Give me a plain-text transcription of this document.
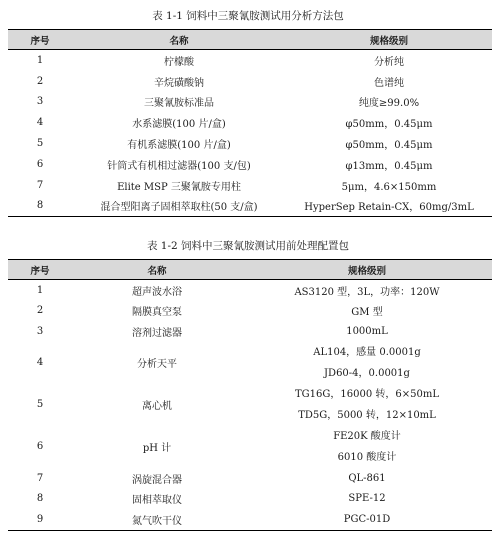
表 1-1 饲料中三聚氰胺测试用分析方法包
序号	名称	规格级别
1	柠檬酸	分析纯
2	辛烷磺酸钠	色谱纯
3	三聚氰胺标准品	纯度≥99.0%
4	水系滤膜(100 片/盒)	φ50mm，0.45μm
5	有机系滤膜(100 片/盒)	φ50mm，0.45μm
6	针筒式有机相过滤器(100 支/包)	φ13mm，0.45μm
7	Elite MSP 三聚氰胺专用柱	5μm，4.6×150mm
8	混合型阳离子固相萃取柱(50 支/盒)	HyperSep Retain-CX，60mg/3mL
表 1-2 饲料中三聚氰胺测试用前处理配置包
序号	名称	规格级别
1	超声波水浴	AS3120 型，3L，功率：120W
2	隔膜真空泵	GM 型
3	溶剂过滤器	1000mL
4	分析天平	AL104，感量 0.0001g
JD60-4，0.0001g

5	离心机	TG16G，16000 转，6×50mL
TD5G，5000 转，12×10mL

6	pH 计	FE20K 酸度计
6010 酸度计

7	涡旋混合器	QL-861
8	固相萃取仪	SPE-12
9	氮气吹干仪	PGC-01D
